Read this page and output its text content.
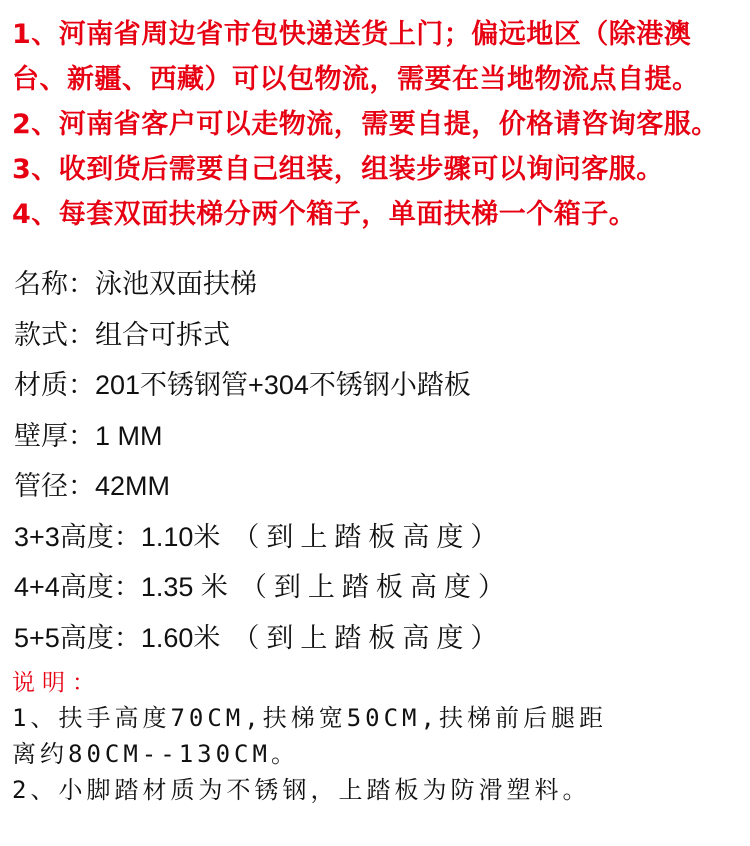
1、河南省周边省市包快递送货上门；偏远地区（除港澳
台、新疆、西藏）可以包物流，需要在当地物流点自提。
2、河南省客户可以走物流，需要自提，价格请咨询客服。
3、收到货后需要自己组装，组装步骤可以询问客服。
4、每套双面扶梯分两个箱子，单面扶梯一个箱子。
名称：泳池双面扶梯
款式：组合可拆式
材质：201不锈钢管+304不锈钢小踏板
壁厚：1 MM
管径：42MM
3+3高度：1.10米 （到上踏板高度）
4+4高度：1.35 米 （到上踏板高度）
5+5高度：1.60米 （到上踏板高度）
说明：
1、扶手高度70CM,扶梯宽50CM,扶梯前后腿距
离约80CM--130CM。
2、小脚踏材质为不锈钢，上踏板为防滑塑料。
